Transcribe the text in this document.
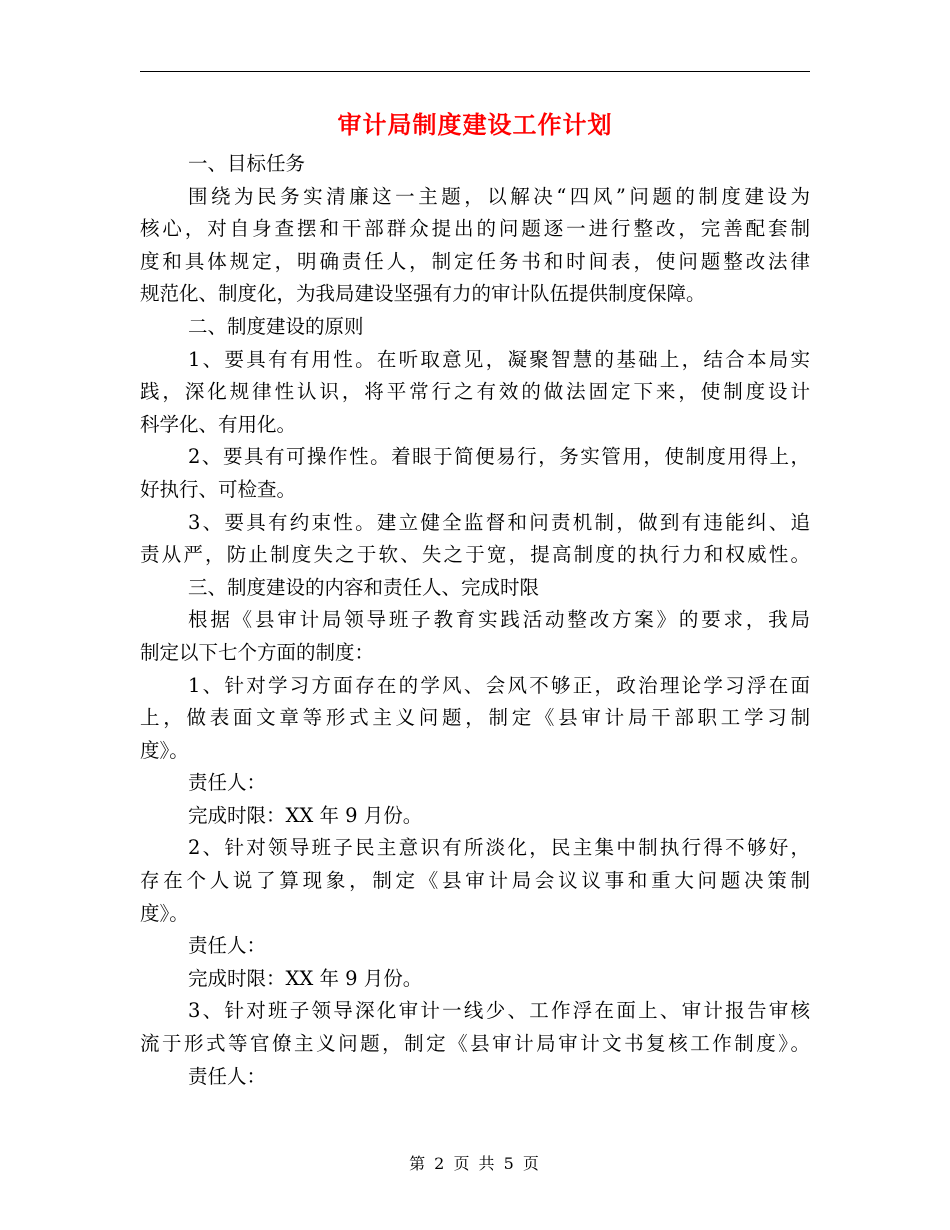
审计局制度建设工作计划
一、目标任务
围绕为民务实清廉这一主题，以解决“四风”问题的制度建设为
核心，对自身查摆和干部群众提出的问题逐一进行整改，完善配套制
度和具体规定，明确责任人，制定任务书和时间表，使问题整改法律
规范化、制度化，为我局建设坚强有力的审计队伍提供制度保障。
二、制度建设的原则
1、要具有有用性。在听取意见，凝聚智慧的基础上，结合本局实
践，深化规律性认识，将平常行之有效的做法固定下来，使制度设计
科学化、有用化。
2、要具有可操作性。着眼于简便易行，务实管用，使制度用得上，
好执行、可检查。
3、要具有约束性。建立健全监督和问责机制，做到有违能纠、追
责从严，防止制度失之于软、失之于宽，提高制度的执行力和权威性。
三、制度建设的内容和责任人、完成时限
根据《县审计局领导班子教育实践活动整改方案》的要求，我局
制定以下七个方面的制度：
1、针对学习方面存在的学风、会风不够正，政治理论学习浮在面
上，做表面文章等形式主义问题，制定《县审计局干部职工学习制
度》。
责任人：
完成时限：XX 年 9 月份。
2、针对领导班子民主意识有所淡化，民主集中制执行得不够好，
存在个人说了算现象，制定《县审计局会议议事和重大问题决策制
度》。
责任人：
完成时限：XX 年 9 月份。
3、针对班子领导深化审计一线少、工作浮在面上、审计报告审核
流于形式等官僚主义问题，制定《县审计局审计文书复核工作制度》。
责任人：
第 2 页 共 5 页
